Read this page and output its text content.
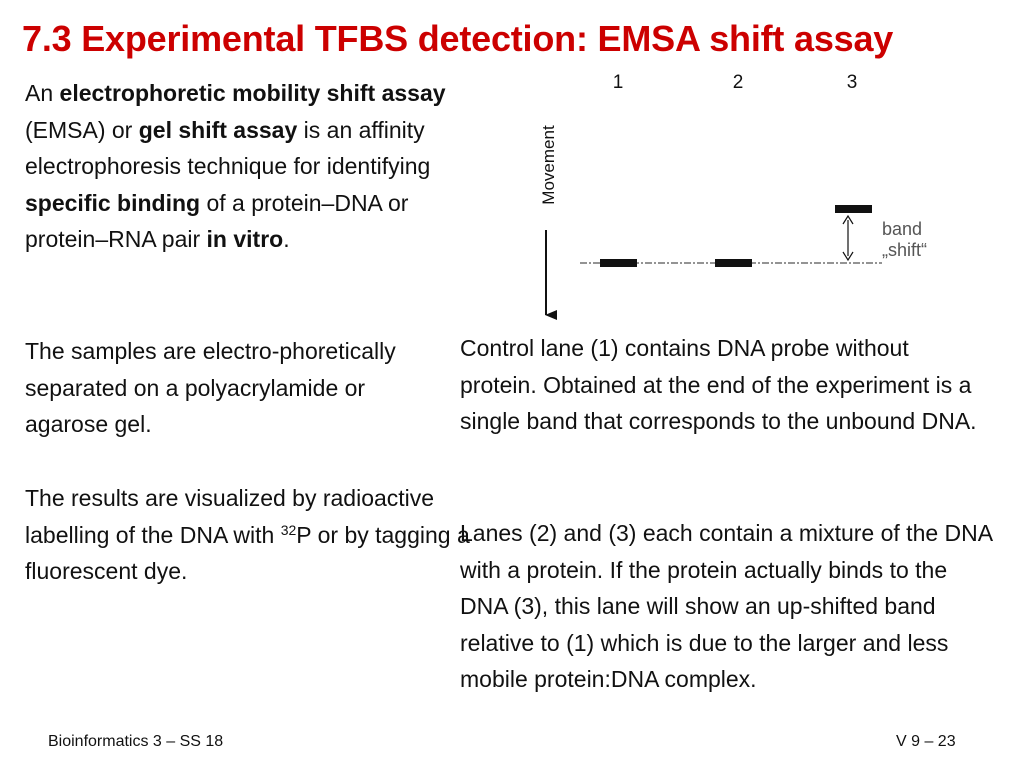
7.3 Experimental TFBS detection: EMSA shift assay

An electrophoretic mobility shift assay (EMSA) or gel shift assay is an affinity electrophoresis technique for identifying specific binding of a protein–DNA or protein–RNA pair in vitro.

The samples are electro-phoretically separated on a polyacrylamide or agarose gel.

The results are visualized by radioactive labelling of the DNA with $^{32}$P or by tagging a fluorescent dye.

Control lane (1) contains DNA probe without protein. Obtained at the end of the experiment is a single band that corresponds to the unbound DNA.

Lanes (2) and (3) each contain a mixture of the DNA with a protein. If the protein actually binds to the DNA (3), this lane will show an up-shifted band relative to (1) which is due to the larger and less mobile protein:DNA complex.

1	2	3
Movement
band
„shift“
Bioinformatics 3 – SS 18	V 9 – 23
